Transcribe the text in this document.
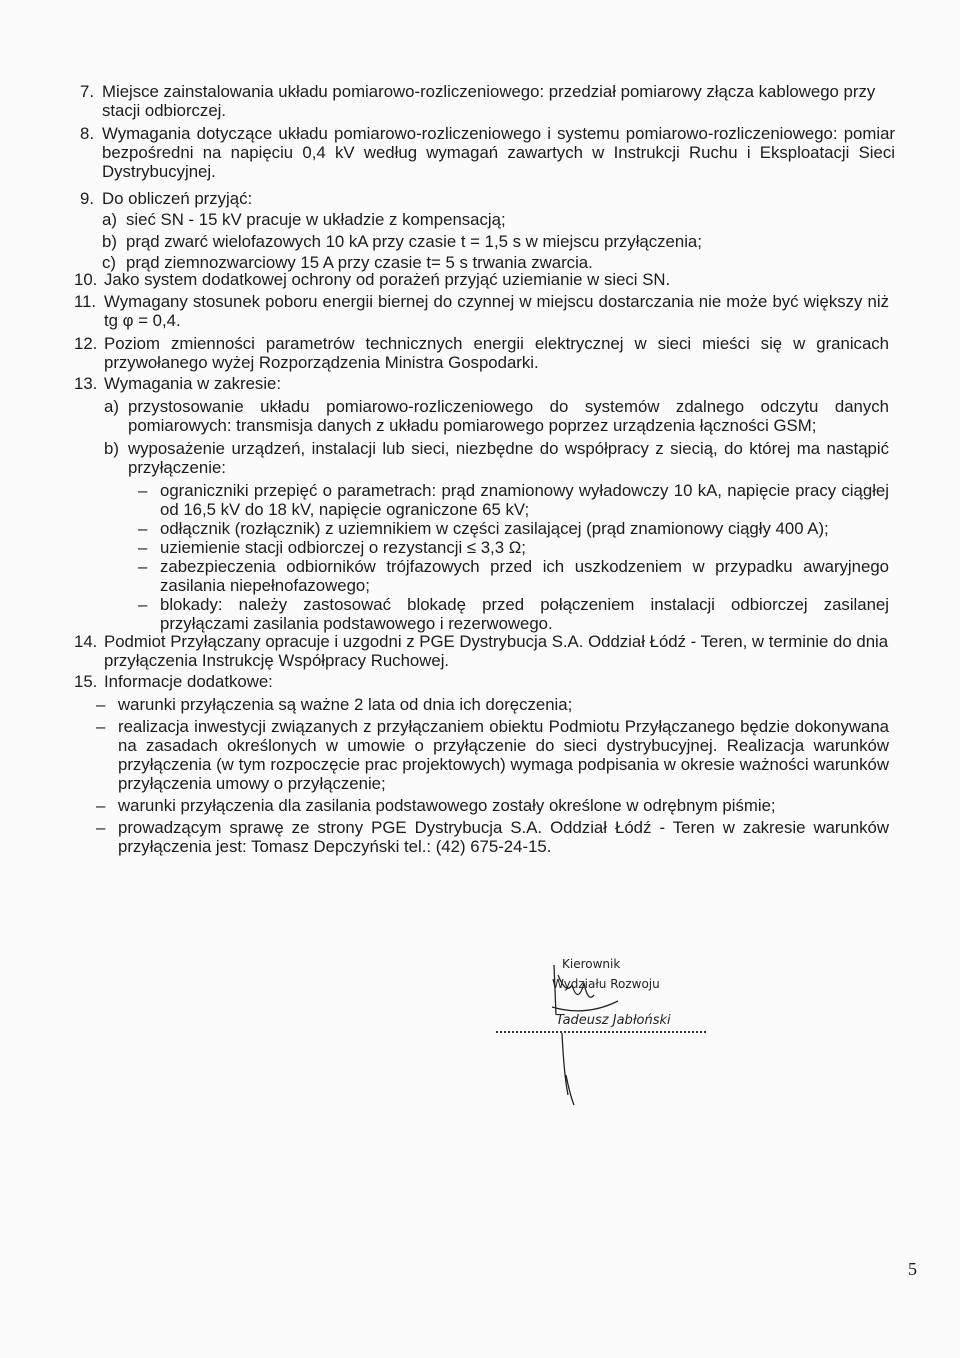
7. Miejsce zainstalowania układu pomiarowo-rozliczeniowego: przedział pomiarowy złącza kablowego przy stacji odbiorczej.
8. Wymagania dotyczące układu pomiarowo-rozliczeniowego i systemu pomiarowo-rozliczeniowego: pomiar bezpośredni na napięciu 0,4 kV według wymagań zawartych w Instrukcji Ruchu i Eksploatacji Sieci Dystrybucyjnej.
9. Do obliczeń przyjąć:
a) sieć SN - 15 kV pracuje w układzie z kompensacją;
b) prąd zwarć wielofazowych 10 kA przy czasie t = 1,5 s w miejscu przyłączenia;
c) prąd ziemnozwarciowy 15 A przy czasie t= 5 s trwania zwarcia.
10. Jako system dodatkowej ochrony od porażeń przyjąć uziemianie w sieci SN.
11. Wymagany stosunek poboru energii biernej do czynnej w miejscu dostarczania nie może być większy niż tg φ = 0,4.
12. Poziom zmienności parametrów technicznych energii elektrycznej w sieci mieści się w granicach przywołanego wyżej Rozporządzenia Ministra Gospodarki.
13. Wymagania w zakresie:
a) przystosowanie układu pomiarowo-rozliczeniowego do systemów zdalnego odczytu danych pomiarowych: transmisja danych z układu pomiarowego poprzez urządzenia łączności GSM;
b) wyposażenie urządzeń, instalacji lub sieci, niezbędne do współpracy z siecią, do której ma nastąpić przyłączenie:
– ograniczniki przepięć o parametrach: prąd znamionowy wyładowczy 10 kA, napięcie pracy ciągłej od 16,5 kV do 18 kV, napięcie ograniczone 65 kV;
– odłącznik (rozłącznik) z uziemnikiem w części zasilającej (prąd znamionowy ciągły 400 A);
– uziemienie stacji odbiorczej o rezystancji ≤ 3,3 Ω;
– zabezpieczenia odbiorników trójfazowych przed ich uszkodzeniem w przypadku awaryjnego zasilania niepełnofazowego;
– blokady: należy zastosować blokadę przed połączeniem instalacji odbiorczej zasilanej przyłączami zasilania podstawowego i rezerwowego.
14. Podmiot Przyłączany opracuje i uzgodni z PGE Dystrybucja S.A. Oddział Łódź - Teren, w terminie do dnia przyłączenia Instrukcję Współpracy Ruchowej.
15. Informacje dodatkowe:
– warunki przyłączenia są ważne 2 lata od dnia ich doręczenia;
– realizacja inwestycji związanych z przyłączaniem obiektu Podmiotu Przyłączanego będzie dokonywana na zasadach określonych w umowie o przyłączenie do sieci dystrybucyjnej. Realizacja warunków przyłączenia (w tym rozpoczęcie prac projektowych) wymaga podpisania w okresie ważności warunków przyłączenia umowy o przyłączenie;
– warunki przyłączenia dla zasilania podstawowego zostały określone w odrębnym piśmie;
– prowadzącym sprawę ze strony PGE Dystrybucja S.A. Oddział Łódź - Teren w zakresie warunków przyłączenia jest: Tomasz Depczyński tel.: (42) 675-24-15.
Kierownik
Wydziału Rozwoju
Tadeusz Jabłoński
5
